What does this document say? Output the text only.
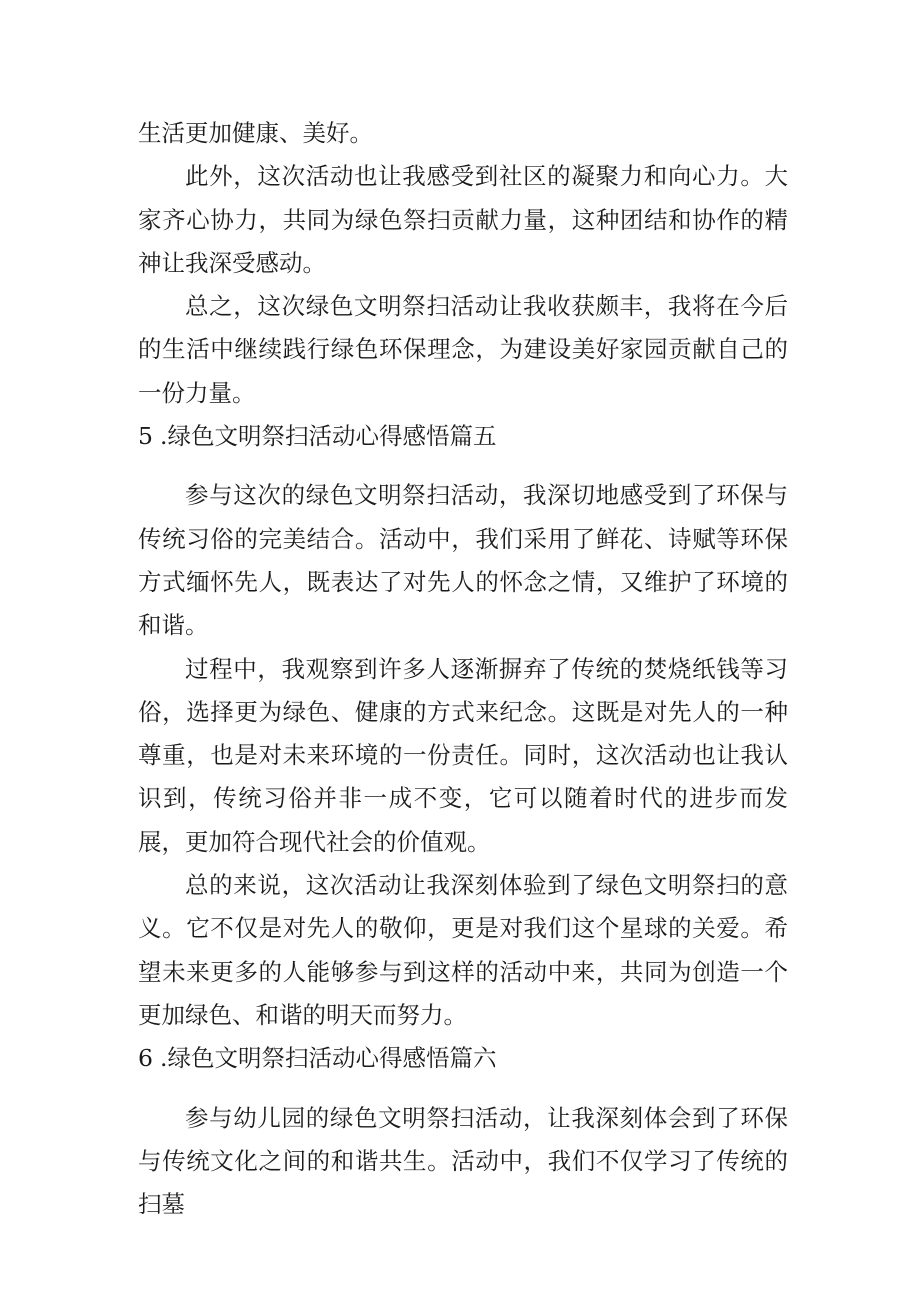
生活更加健康、美好。

此外，这次活动也让我感受到社区的凝聚力和向心力。大家齐心协力，共同为绿色祭扫贡献力量，这种团结和协作的精神让我深受感动。

总之，这次绿色文明祭扫活动让我收获颇丰，我将在今后的生活中继续践行绿色环保理念，为建设美好家园贡献自己的一份力量。

5 .绿色文明祭扫活动心得感悟篇五

参与这次的绿色文明祭扫活动，我深切地感受到了环保与传统习俗的完美结合。活动中，我们采用了鲜花、诗赋等环保方式缅怀先人，既表达了对先人的怀念之情，又维护了环境的和谐。

过程中，我观察到许多人逐渐摒弃了传统的焚烧纸钱等习俗，选择更为绿色、健康的方式来纪念。这既是对先人的一种尊重，也是对未来环境的一份责任。同时，这次活动也让我认识到，传统习俗并非一成不变，它可以随着时代的进步而发展，更加符合现代社会的价值观。

总的来说，这次活动让我深刻体验到了绿色文明祭扫的意义。它不仅是对先人的敬仰，更是对我们这个星球的关爱。希望未来更多的人能够参与到这样的活动中来，共同为创造一个更加绿色、和谐的明天而努力。

6 .绿色文明祭扫活动心得感悟篇六

参与幼儿园的绿色文明祭扫活动，让我深刻体会到了环保与传统文化之间的和谐共生。活动中，我们不仅学习了传统的扫墓
